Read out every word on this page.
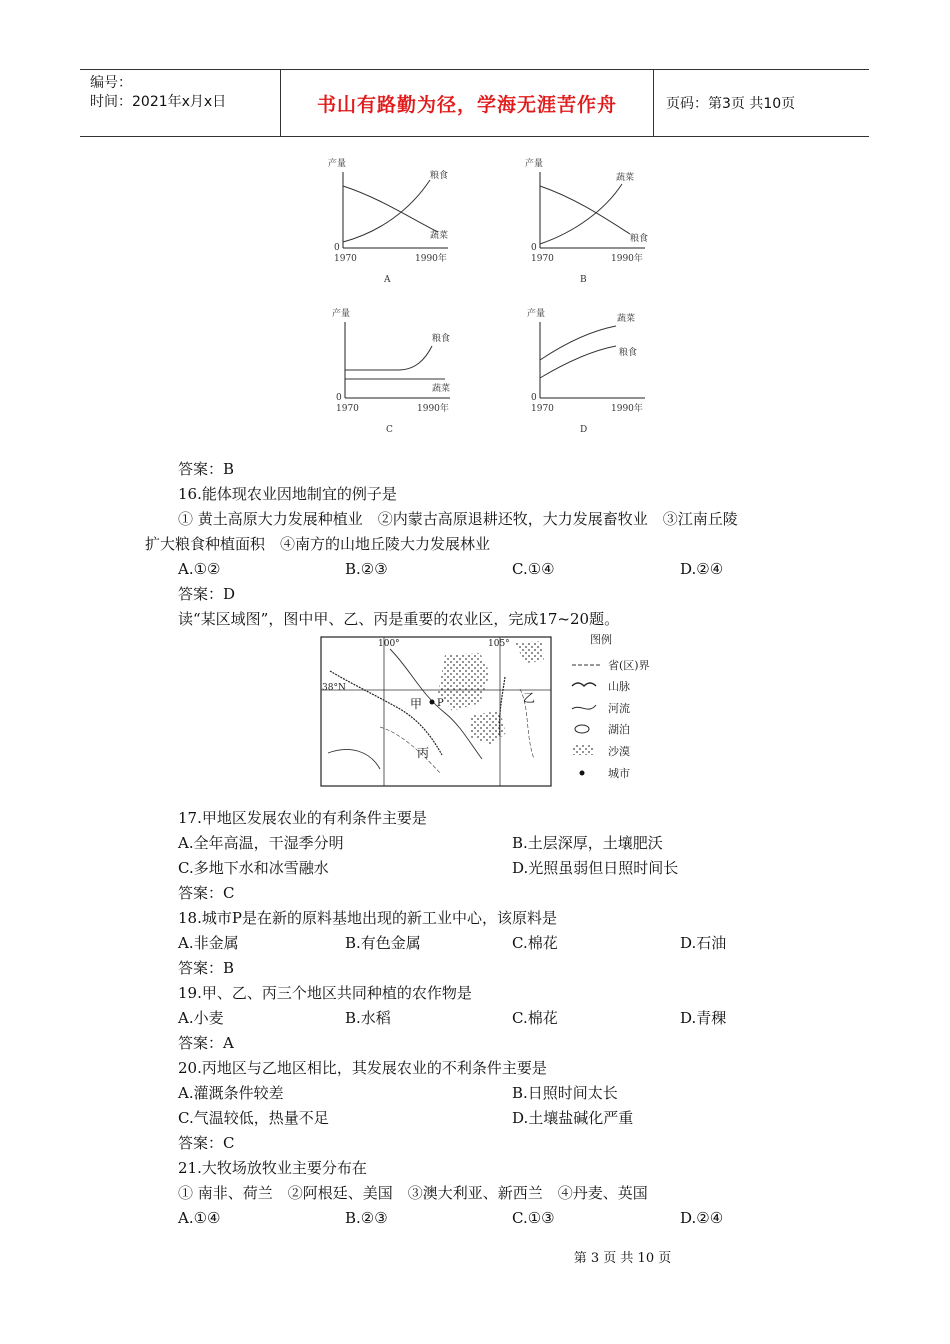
编号：
时间：2021年x月x日	书山有路勤为径，学海无涯苦作舟	页码：第3页 共10页
产量
0
1970	1990年
粮食
蔬菜
A
产量
0
1970	1990年
蔬菜
粮食
B
产量
0
1970	1990年
粮食
蔬菜
C
产量
0
1970	1990年
蔬菜
粮食
D
答案：B
16.能体现农业因地制宜的例子是
① 黄土高原大力发展种植业　②内蒙古高原退耕还牧，大力发展畜牧业　③江南丘陵
扩大粮食种植面积　④南方的山地丘陵大力发展林业
A.①②	B.②③	C.①④	D.②④
答案：D
读“某区域图”，图中甲、乙、丙是重要的农业区，完成17~20题。
100°	105°
38°N
甲 P	乙
丙
图例
省(区)界
山脉
河流
湖泊
沙漠
城市
17.甲地区发展农业的有利条件主要是
A.全年高温，干湿季分明	B.土层深厚，土壤肥沃
C.多地下水和冰雪融水	D.光照虽弱但日照时间长
答案：C
18.城市P是在新的原料基地出现的新工业中心，该原料是
A.非金属	B.有色金属	C.棉花	D.石油
答案：B
19.甲、乙、丙三个地区共同种植的农作物是
A.小麦	B.水稻	C.棉花	D.青稞
答案：A
20.丙地区与乙地区相比，其发展农业的不利条件主要是
A.灌溉条件较差	B.日照时间太长
C.气温较低，热量不足	D.土壤盐碱化严重
答案：C
21.大牧场放牧业主要分布在
① 南非、荷兰　②阿根廷、美国　③澳大利亚、新西兰　④丹麦、英国
A.①④	B.②③	C.①③	D.②④
第 3 页 共 10 页
